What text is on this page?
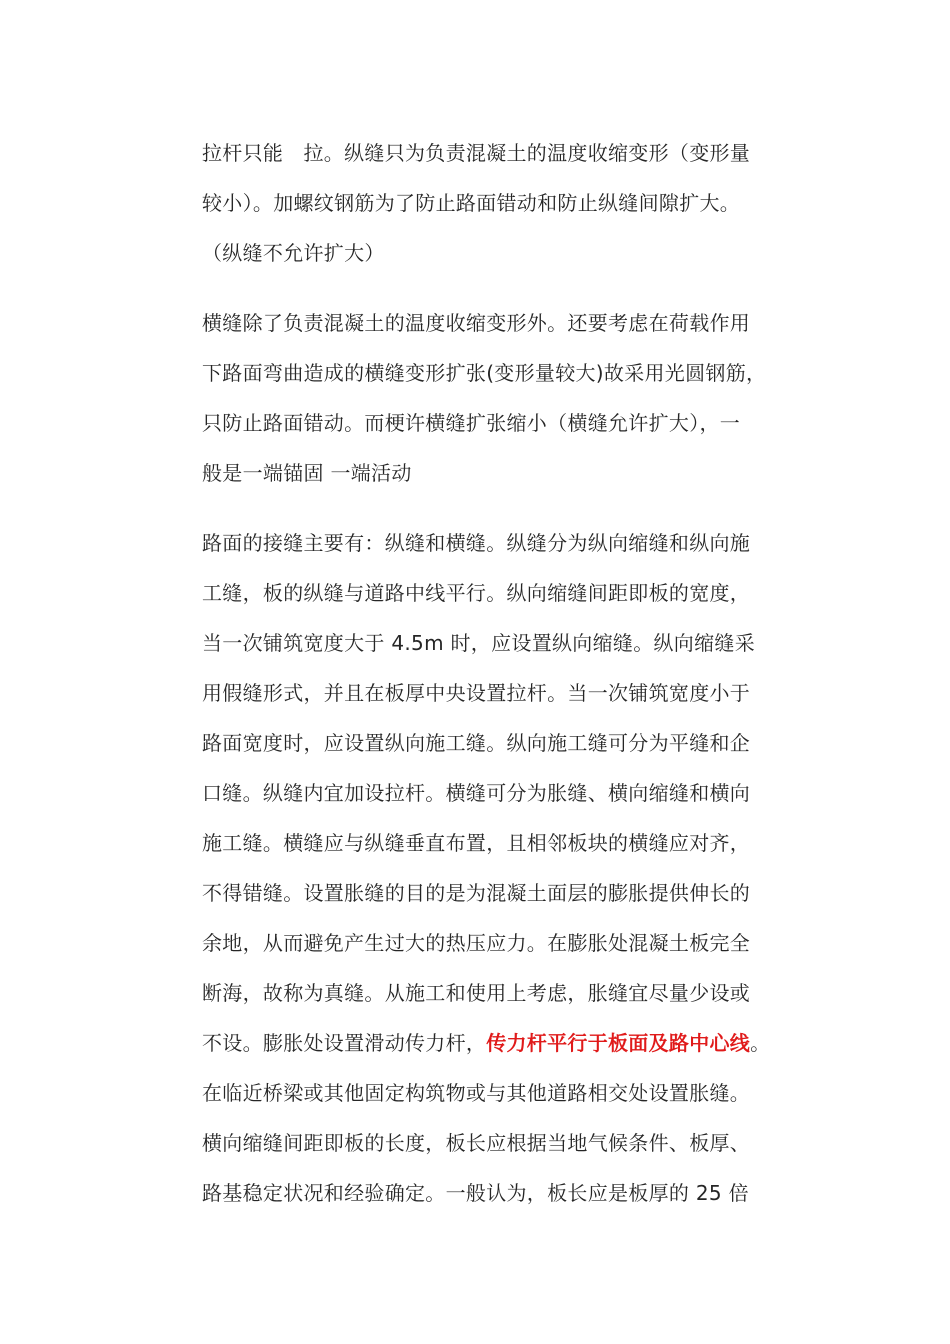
拉杆只能　拉。纵缝只为负责混凝土的温度收缩变形（变形量
较小）。加螺纹钢筋为了防止路面错动和防止纵缝间隙扩大。
（纵缝不允许扩大）
横缝除了负责混凝土的温度收缩变形外。还要考虑在荷载作用
下路面弯曲造成的横缝变形扩张(变形量较大)故采用光圆钢筋，
只防止路面错动。而梗许横缝扩张缩小（横缝允许扩大），一
般是一端锚固 一端活动
路面的接缝主要有：纵缝和横缝。纵缝分为纵向缩缝和纵向施
工缝，板的纵缝与道路中线平行。纵向缩缝间距即板的宽度，
当一次铺筑宽度大于 4.5m 时，应设置纵向缩缝。纵向缩缝采
用假缝形式，并且在板厚中央设置拉杆。当一次铺筑宽度小于
路面宽度时，应设置纵向施工缝。纵向施工缝可分为平缝和企
口缝。纵缝内宜加设拉杆。横缝可分为胀缝、横向缩缝和横向
施工缝。横缝应与纵缝垂直布置，且相邻板块的横缝应对齐，
不得错缝。设置胀缝的目的是为混凝土面层的膨胀提供伸长的
余地，从而避免产生过大的热压应力。在膨胀处混凝土板完全
断海，故称为真缝。从施工和使用上考虑，胀缝宜尽量少设或
不设。膨胀处设置滑动传力杆，传力杆平行于板面及路中心线。
在临近桥梁或其他固定构筑物或与其他道路相交处设置胀缝。
横向缩缝间距即板的长度，板长应根据当地气候条件、板厚、
路基稳定状况和经验确定。一般认为，板长应是板厚的 25 倍
